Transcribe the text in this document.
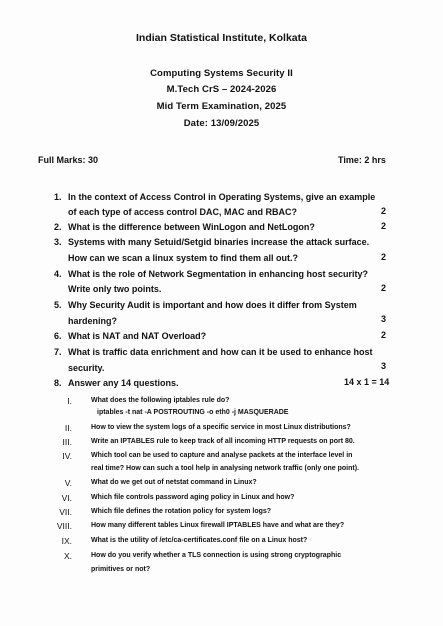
Indian Statistical Institute, Kolkata
Computing Systems Security II
M.Tech CrS – 2024-2026
Mid Term Examination, 2025
Date: 13/09/2025
Full Marks: 30	Time: 2 hrs
1. In the context of Access Control in Operating Systems, give an example
of each type of access control DAC, MAC and RBAC?	2
2. What is the difference between WinLogon and NetLogon?	2
3. Systems with many Setuid/Setgid binaries increase the attack surface.
How can we scan a linux system to find them all out.?	2
4. What is the role of Network Segmentation in enhancing host security?
Write only two points.	2
5. Why Security Audit is important and how does it differ from System
hardening?	3
6. What is NAT and NAT Overload?	2
7. What is traffic data enrichment and how can it be used to enhance host
security.	3
8. Answer any 14 questions.	14 x 1 = 14
I.	What does the following iptables rule do?
iptables -t nat -A POSTROUTING -o eth0 -j MASQUERADE
II.	How to view the system logs of a specific service in most Linux distributions?
III.	Write an IPTABLES rule to keep track of all incoming HTTP requests on port 80.
IV.	Which tool can be used to capture and analyse packets at the interface level in
real time? How can such a tool help in analysing network traffic (only one point).
V.	What do we get out of netstat command in Linux?
VI.	Which file controls password aging policy in Linux and how?
VII.	Which file defines the rotation policy for system logs?
VIII.	How many different tables Linux firewall IPTABLES have and what are they?
IX.	What is the utility of /etc/ca-certificates.conf file on a Linux host?
X.	How do you verify whether a TLS connection is using strong cryptographic
primitives or not?
